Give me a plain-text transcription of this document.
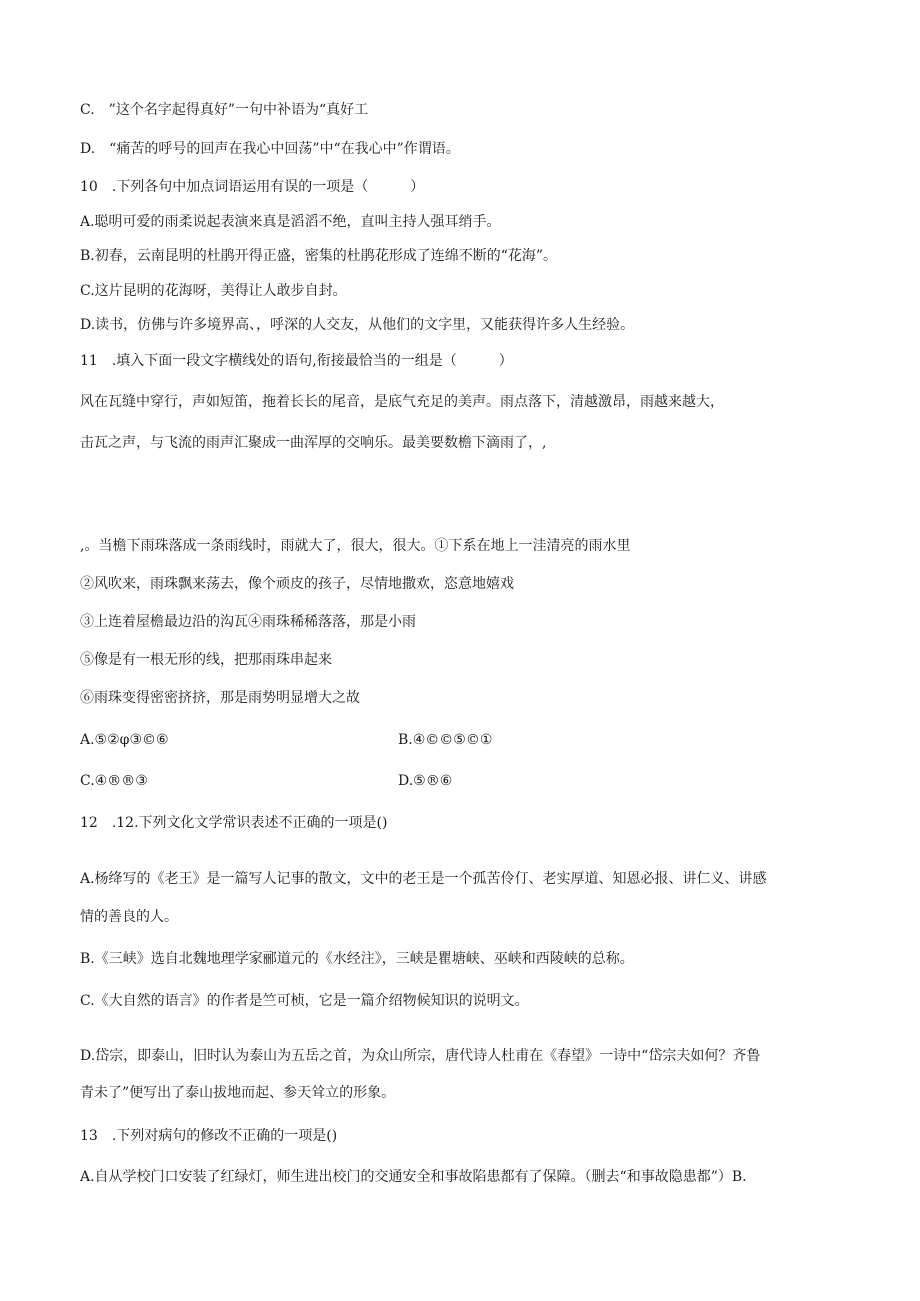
C.　”这个名字起得真好”一句中补语为“真好工
D.　“痛苦的呼号的回声在我心中回荡”中“在我心中”作谓语。
10　.下列各句中加点词语运用有误的一项是（　　　）
A.聪明可爱的雨柔说起表演来真是滔滔不绝，直叫主持人强耳绡手。
B.初春，云南昆明的杜鹃开得正盛，密集的杜鹃花形成了连绵不断的“花海”。
C.这片昆明的花海呀，美得让人敢步自封。
D.读书，仿佛与许多境界高、，呼深的人交友，从他们的文字里，又能获得许多人生经验。
11　.填入下面一段文字横线处的语句,衔接最恰当的一组是（　　　）
风在瓦缝中穿行，声如短笛，拖着长长的尾音，是底气充足的美声。雨点落下，清越激昂，雨越来越大，
击瓦之声，与飞流的雨声汇聚成一曲浑厚的交响乐。最美要数檐下滴雨了，,
,。当檐下雨珠落成一条雨线时，雨就大了，很大，很大。①下系在地上一洼清亮的雨水里
②风吹来，雨珠飘来荡去，像个顽皮的孩子，尽情地撒欢，恣意地嬉戏
③上连着屋檐最边沿的沟瓦④雨珠稀稀落落，那是小雨
⑤像是有一根无形的线，把那雨珠串起来
⑥雨珠变得密密挤挤，那是雨势明显增大之故
A.⑤②φ③©⑥	B.④©©⑤©①
C.④®®③	D.⑤®⑥
12　.12.下列文化文学常识表述不正确的一项是()
A.杨绛写的《老王》是一篇写人记事的散文，文中的老王是一个孤苦伶仃、老实厚道、知恩必报、讲仁义、讲感
情的善良的人。
B.《三峡》选自北魏地理学家郦道元的《水经注》，三峡是瞿塘峡、巫峡和西陵峡的总称。
C.《大自然的语言》的作者是竺可桢，它是一篇介绍物候知识的说明文。
D.岱宗，即泰山，旧时认为泰山为五岳之首，为众山所宗，唐代诗人杜甫在《春望》一诗中“岱宗夫如何？齐鲁
青未了”便写出了泰山拔地而起、参天耸立的形象。
13　.下列对病句的修改不正确的一项是()
A.自从学校门口安装了红绿灯，师生进出校门的交通安全和事故陷患都有了保障。（删去“和事故隐患都”）B.
